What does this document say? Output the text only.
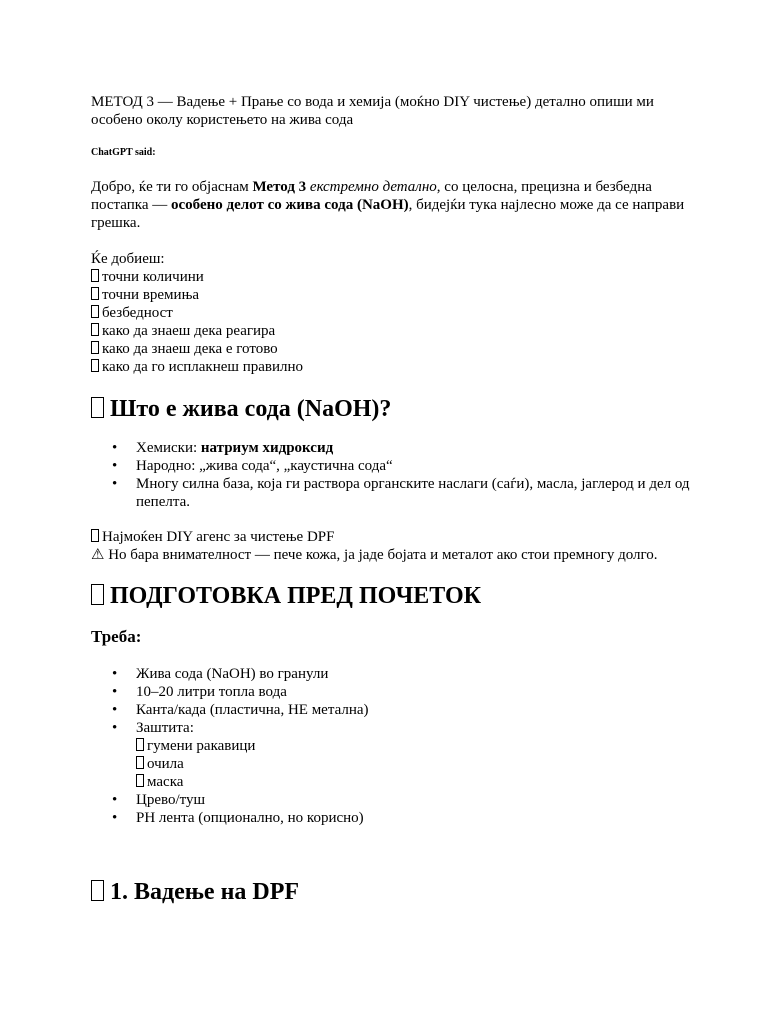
МЕТОД 3 — Вадење + Прање со вода и хемија (моќно DIY чистење) детално опиши ми особено околу користењето на жива сода

ChatGPT said:

Добро, ќе ти го објаснам Метод 3 екстремно детално, со целосна, прецизна и безбедна постапка — особено делот со жива сода (NaOH), бидејќи тука најлесно може да се направи грешка.

Ќе добиеш:
точни количини
точни времиња
безбедност
како да знаеш дека реагира
како да знаеш дека е готово
како да го исплакнеш правилно
Што е жива сода (NaOH)?
• Хемиски: натриум хидроксид
• Народно: „жива сода“, „каустична сода“
• Многу силна база, која ги раствора органските наслаги (саѓи), масла, јаглерод и дел од пепелта.
Најмоќен DIY агенс за чистење DPF
⚠ Но бара внимателност — пече кожа, ја јаде бојата и металот ако стои премногу долго.
ПОДГОТОВКА ПРЕД ПОЧЕТОК
Треба:
• Жива сода (NaOH) во гранули
• 10–20 литри топла вода
• Канта/када (пластична, НЕ метална)
• Заштита:
гумени ракавици
очила
маска
• Црево/туш
• PH лента (опционално, но корисно)
1. Вадење на DPF
